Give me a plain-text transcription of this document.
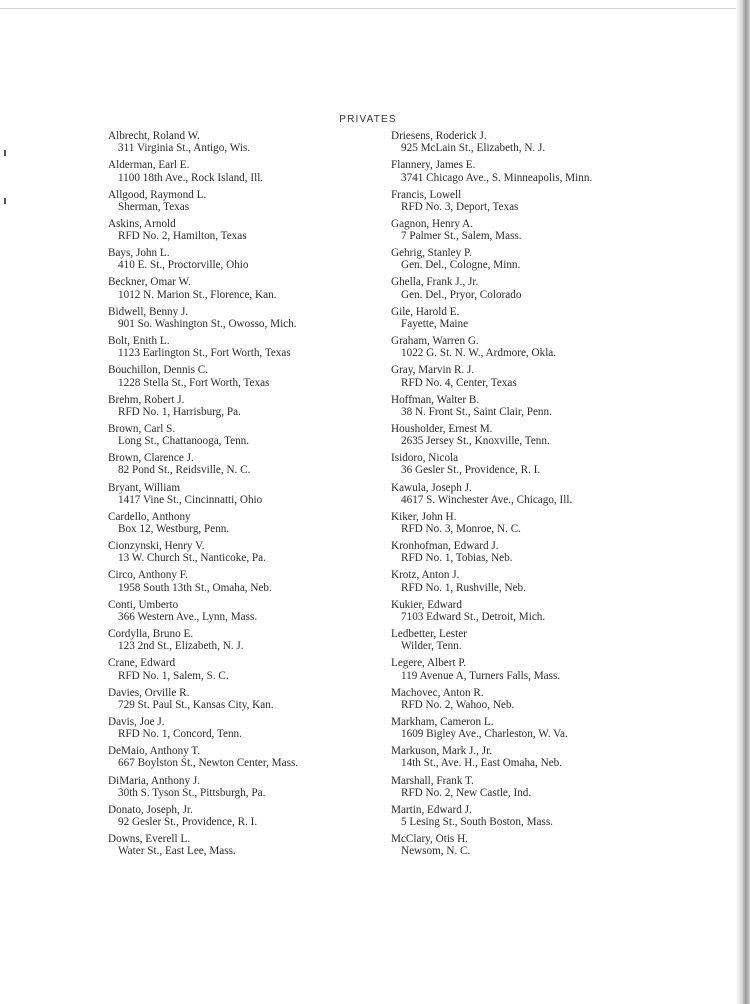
PRIVATES
Albrecht, Roland W.
311 Virginia St., Antigo, Wis.
Alderman, Earl E.
1100 18th Ave., Rock Island, Ill.
Allgood, Raymond L.
Sherman, Texas
Askins, Arnold
RFD No. 2, Hamilton, Texas
Bays, John L.
410 E. St., Proctorville, Ohio
Beckner, Omar W.
1012 N. Marion St., Florence, Kan.
Bidwell, Benny J.
901 So. Washington St., Owosso, Mich.
Bolt, Enith L.
1123 Earlington St., Fort Worth, Texas
Bouchillon, Dennis C.
1228 Stella St., Fort Worth, Texas
Brehm, Robert J.
RFD No. 1, Harrisburg, Pa.
Brown, Carl S.
Long St., Chattanooga, Tenn.
Brown, Clarence J.
82 Pond St., Reidsville, N. C.
Bryant, William
1417 Vine St., Cincinnatti, Ohio
Cardello, Anthony
Box 12, Westburg, Penn.
Cionzynski, Henry V.
13 W. Church St., Nanticoke, Pa.
Circo, Anthony F.
1958 South 13th St., Omaha, Neb.
Conti, Umberto
366 Western Ave., Lynn, Mass.
Cordylla, Bruno E.
123 2nd St., Elizabeth, N. J.
Crane, Edward
RFD No. 1, Salem, S. C.
Davies, Orville R.
729 St. Paul St., Kansas City, Kan.
Davis, Joe J.
RFD No. 1, Concord, Tenn.
DeMaio, Anthony T.
667 Boylston St., Newton Center, Mass.
DiMaria, Anthony J.
30th S. Tyson St., Pittsburgh, Pa.
Donato, Joseph, Jr.
92 Gesler St., Providence, R. I.
Downs, Everell L.
Water St., East Lee, Mass.
Driesens, Roderick J.
925 McLain St., Elizabeth, N. J.
Flannery, James E.
3741 Chicago Ave., S. Minneapolis, Minn.
Francis, Lowell
RFD No. 3, Deport, Texas
Gagnon, Henry A.
7 Palmer St., Salem, Mass.
Gehrig, Stanley P.
Gen. Del., Cologne, Minn.
Ghella, Frank J., Jr.
Gen. Del., Pryor, Colorado
Gile, Harold E.
Fayette, Maine
Graham, Warren G.
1022 G. St. N. W., Ardmore, Okla.
Gray, Marvin R. J.
RFD No. 4, Center, Texas
Hoffman, Walter B.
38 N. Front St., Saint Clair, Penn.
Housholder, Ernest M.
2635 Jersey St., Knoxville, Tenn.
Isidoro, Nicola
36 Gesler St., Providence, R. I.
Kawula, Joseph J.
4617 S. Winchester Ave., Chicago, Ill.
Kiker, John H.
RFD No. 3, Monroe, N. C.
Kronhofman, Edward J.
RFD No. 1, Tobias, Neb.
Krotz, Anton J.
RFD No. 1, Rushville, Neb.
Kukier, Edward
7103 Edward St., Detroit, Mich.
Ledbetter, Lester
Wilder, Tenn.
Legere, Albert P.
119 Avenue A, Turners Falls, Mass.
Machovec, Anton R.
RFD No. 2, Wahoo, Neb.
Markham, Cameron L.
1609 Bigley Ave., Charleston, W. Va.
Markuson, Mark J., Jr.
14th St., Ave. H., East Omaha, Neb.
Marshall, Frank T.
RFD No. 2, New Castle, Ind.
Martin, Edward J.
5 Lesing St., South Boston, Mass.
McClary, Otis H.
Newsom, N. C.
